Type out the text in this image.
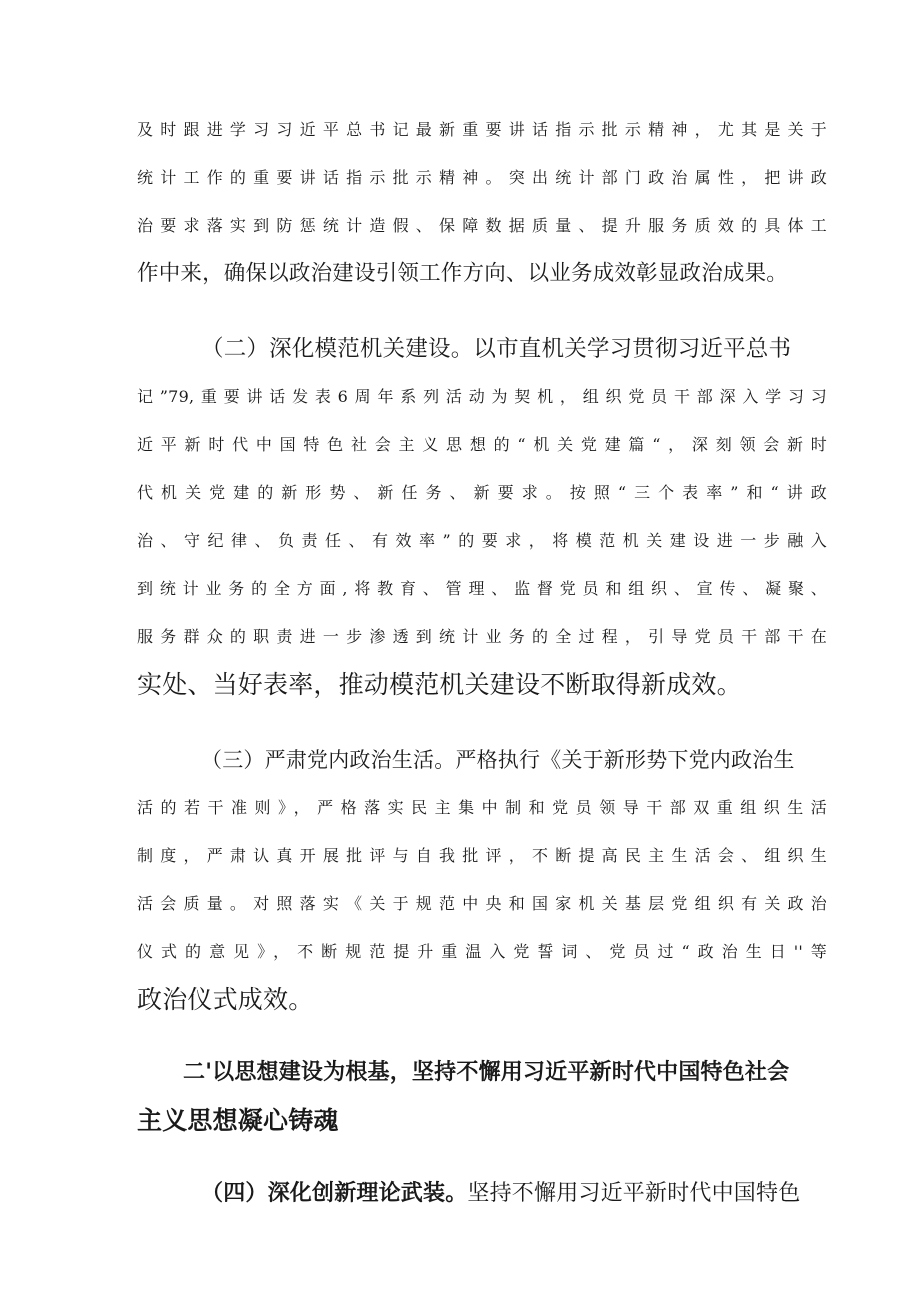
及时跟进学习习近平总书记最新重要讲话指示批示精神，尤其是关于
统计工作的重要讲话指示批示精神。突出统计部门政治属性，把讲政
治要求落实到防惩统计造假、保障数据质量、提升服务质效的具体工
作中来，确保以政治建设引领工作方向、以业务成效彰显政治成果。
（二）深化模范机关建设。以市直机关学习贯彻习近平总书
记”79,重要讲话发表6周年系列活动为契机，组织党员干部深入学习习
近平新时代中国特色社会主义思想的“机关党建篇“，深刻领会新时
代机关党建的新形势、新任务、新要求。按照“三个表率”和“讲政
治、守纪律、负责任、有效率”的要求，将模范机关建设进一步融入
到统计业务的全方面,将教育、管理、监督党员和组织、宣传、凝聚、
服务群众的职责进一步渗透到统计业务的全过程，引导党员干部干在
实处、当好表率，推动模范机关建设不断取得新成效。
（三）严肃党内政治生活。严格执行《关于新形势下党内政治生
活的若干准则》，严格落实民主集中制和党员领导干部双重组织生活
制度，严肃认真开展批评与自我批评，不断提高民主生活会、组织生
活会质量。对照落实《关于规范中央和国家机关基层党组织有关政治
仪式的意见》，不断规范提升重温入党誓词、党员过“政治生日''等
政治仪式成效。
二'以思想建设为根基，坚持不懈用习近平新时代中国特色社会
主义思想凝心铸魂
（四）深化创新理论武装。坚持不懈用习近平新时代中国特色
